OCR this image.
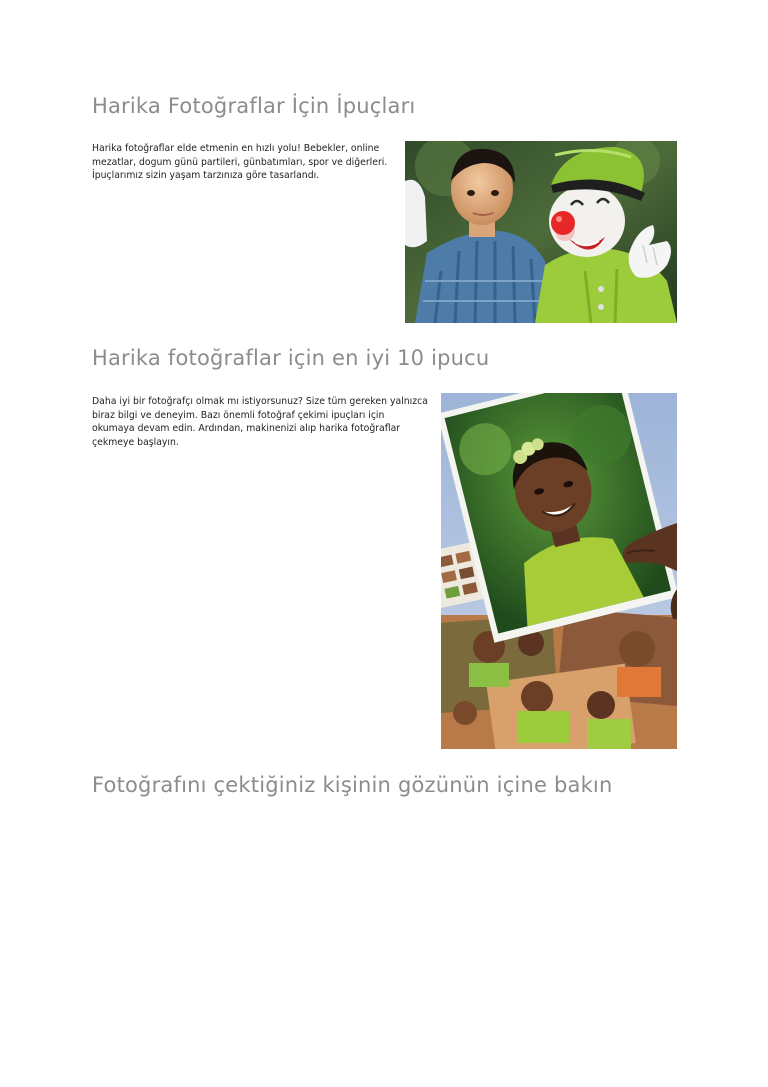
Harika Fotoğraflar İçin İpuçları

Harika fotoğraflar elde etmenin en hızlı yolu! Bebekler, online mezatlar, dogum günü partileri, günbatımları, spor ve diğerleri. İpuçlarımız sizin yaşam tarzınıza göre tasarlandı.

Harika fotoğraflar için en iyi 10 ipucu

Daha iyi bir fotoğrafçı olmak mı istiyorsunuz? Size tüm gereken yalnızca biraz bilgi ve deneyim. Bazı önemli fotoğraf çekimi ipuçları için okumaya devam edin. Ardından, makinenizi alıp harika fotoğraflar çekmeye başlayın.

Fotoğrafını çektiğiniz kişinin gözünün içine bakın
